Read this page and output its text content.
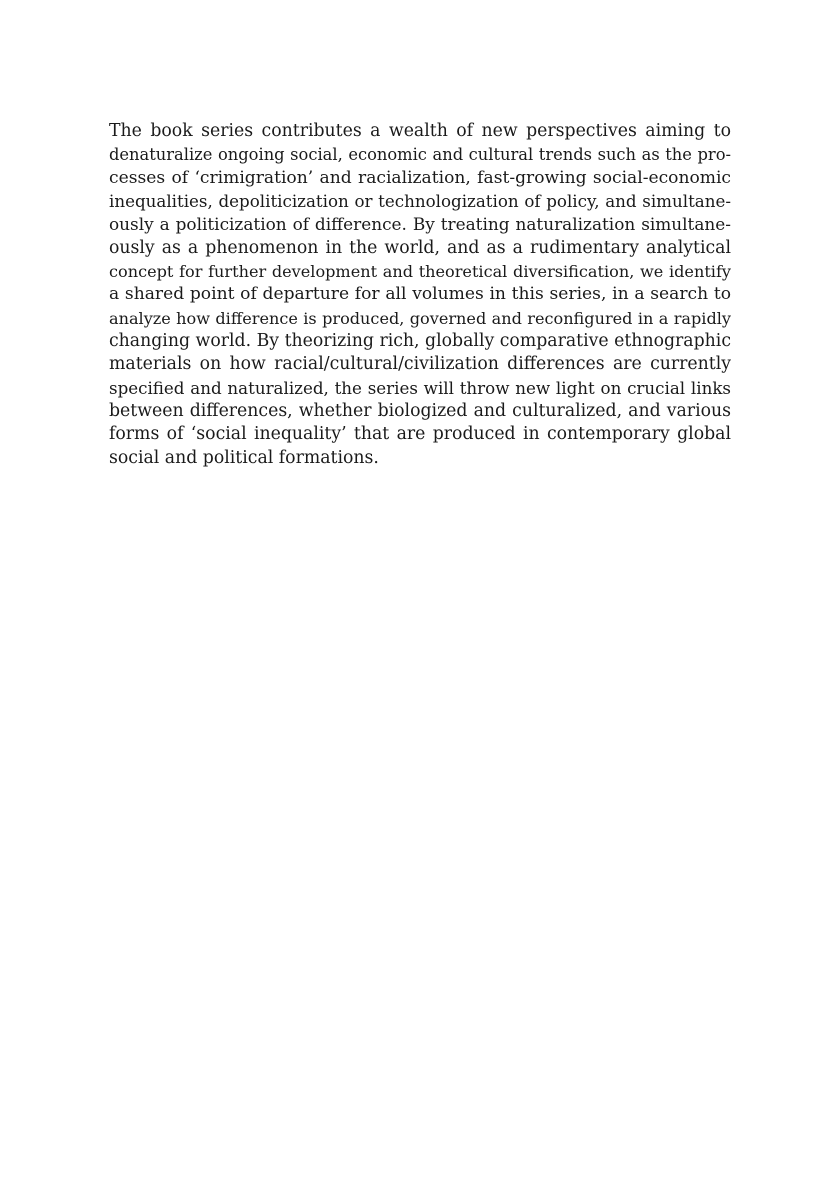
The book series contributes a wealth of new perspectives aiming to
denaturalize ongoing social, economic and cultural trends such as the pro-
cesses of ‘crimigration’ and racialization, fast-growing social-economic
inequalities, depoliticization or technologization of policy, and simultane-
ously a politicization of difference. By treating naturalization simultane-
ously as a phenomenon in the world, and as a rudimentary analytical
concept for further development and theoretical diversification, we identify
a shared point of departure for all volumes in this series, in a search to
analyze how difference is produced, governed and reconfigured in a rapidly
changing world. By theorizing rich, globally comparative ethnographic
materials on how racial/cultural/civilization differences are currently
specified and naturalized, the series will throw new light on crucial links
between differences, whether biologized and culturalized, and various
forms of ‘social inequality’ that are produced in contemporary global
social and political formations.
